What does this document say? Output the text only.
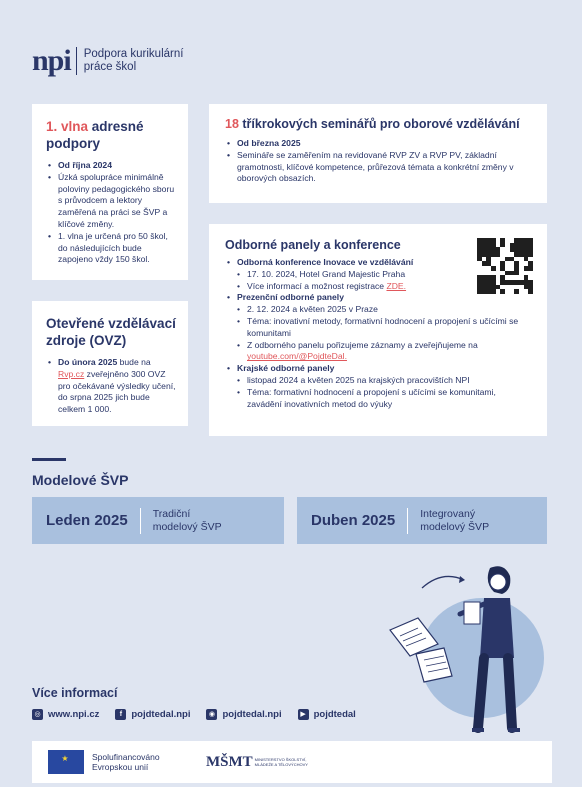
npi Podpora kurikulární
práce škol
1. vlna adresné podpory
• Od října 2024
• Úzká spolupráce minimálně poloviny pedagogického sboru s průvodcem a lektory zaměřená na práci se ŠVP a klíčové změny.
• 1. vlna je určená pro 50 škol, do následujících bude zapojeno vždy 150 škol.
Otevřené vzdělávací zdroje (OVZ)
• Do února 2025 bude na Rvp.cz zveřejněno 300 OVZ pro očekávané výsledky učení, do srpna 2025 jich bude celkem 1 000.
18 tříkrokových seminářů pro oborové vzdělávání
• Od března 2025
• Semináře se zaměřením na revidované RVP ZV a RVP PV, základní gramotnosti, klíčové kompetence, průřezová témata a konkrétní změny v oborových obsazích.
Odborné panely a konference
• Odborná konference Inovace ve vzdělávání
• 17. 10. 2024, Hotel Grand Majestic Praha
• Více informací a možnost registrace ZDE.
• Prezenční odborné panely
• 2. 12. 2024 a květen 2025 v Praze
• Téma: inovativní metody, formativní hodnocení a propojení s učícími se komunitami
• Z odborného panelu pořizujeme záznamy a zveřejňujeme na youtube.com/@PojdteDal.
• Krajské odborné panely
• listopad 2024 a květen 2025 na krajských pracovištích NPI
• Téma: formativní hodnocení a propojení s učícími se komunitami, zavádění inovativních metod do výuky
Modelové ŠVP
Leden 2025 Tradiční
modelový ŠVP	Duben 2025 Integrovaný
modelový ŠVP
Více informací
◎ www.npi.cz	f pojdtedal.npi	◉ pojdtedal.npi	▶ pojdtedal
★
Spolufinancováno Evropskou unií	MŠMT MINISTERSTVO ŠKOLSTVÍ, MLÁDEŽE A TĚLOVÝCHOVY
